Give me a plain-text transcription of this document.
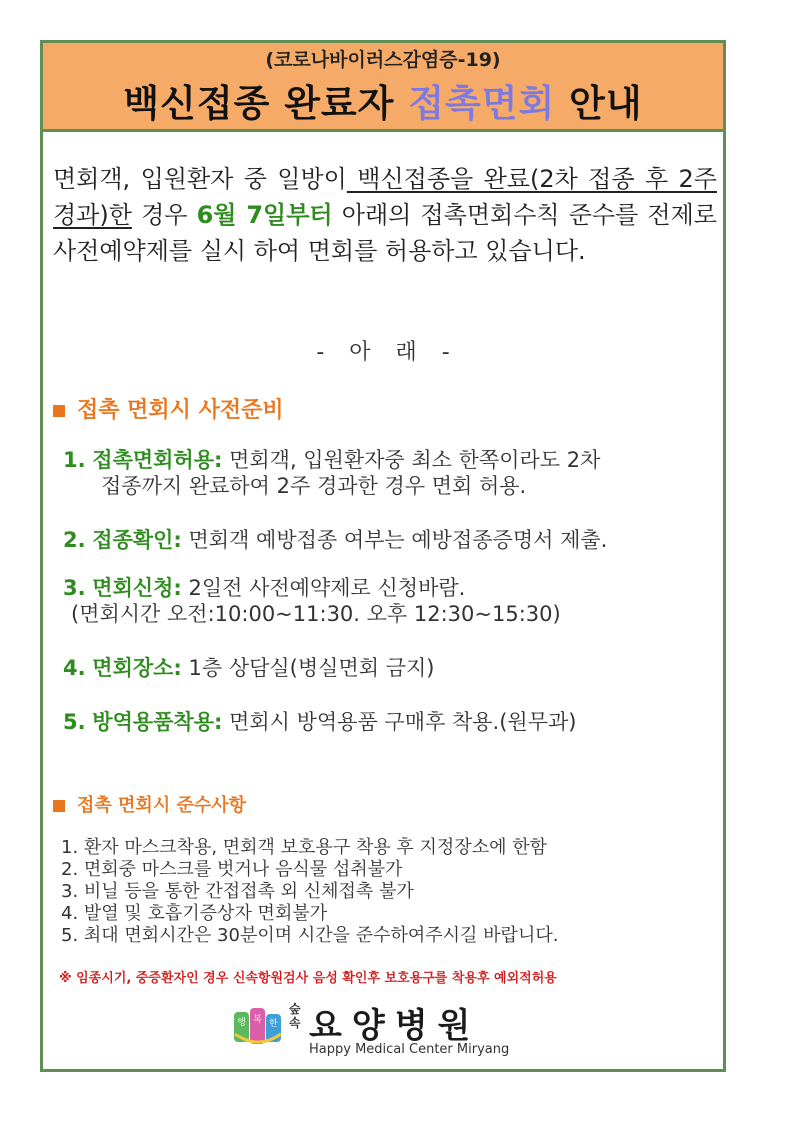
(코로나바이러스감염증-19)
백신접종 완료자 접촉면회 안내
면회객, 입원환자 중 일방이 백신접종을 완료(2차 접종 후 2주경과)한 경우 6월 7일부터 아래의 접촉면회수칙 준수를 전제로 사전예약제를 실시 하여 면회를 허용하고 있습니다.
- 아 래 -
접촉 면회시 사전준비
1. 접촉면회허용: 면회객, 입원환자중 최소 한쪽이라도 2차
접종까지 완료하여 2주 경과한 경우 면회 허용.
2. 접종확인: 면회객 예방접종 여부는 예방접종증명서 제출.
3. 면회신청: 2일전 사전예약제로 신청바람.
(면회시간 오전:10:00~11:30. 오후 12:30~15:30)
4. 면회장소: 1층 상담실(병실면회 금지)
5. 방역용품착용: 면회시 방역용품 구매후 착용.(원무과)
접촉 면회시 준수사항
1. 환자 마스크착용, 면회객 보호용구 착용 후 지정장소에 한함
2. 면회중 마스크를 벗거나 음식물 섭취불가
3. 비닐 등을 통한 간접접촉 외 신체접촉 불가
4. 발열 및 호흡기증상자 면회불가
5. 최대 면회시간은 30분이며 시간을 준수하여주시길 바랍니다.
※ 임종시기, 중증환자인 경우 신속항원검사 음성 확인후 보호용구를 착용후 예외적허용
행 복 한
숲속 요양병원
Happy Medical Center Miryang
